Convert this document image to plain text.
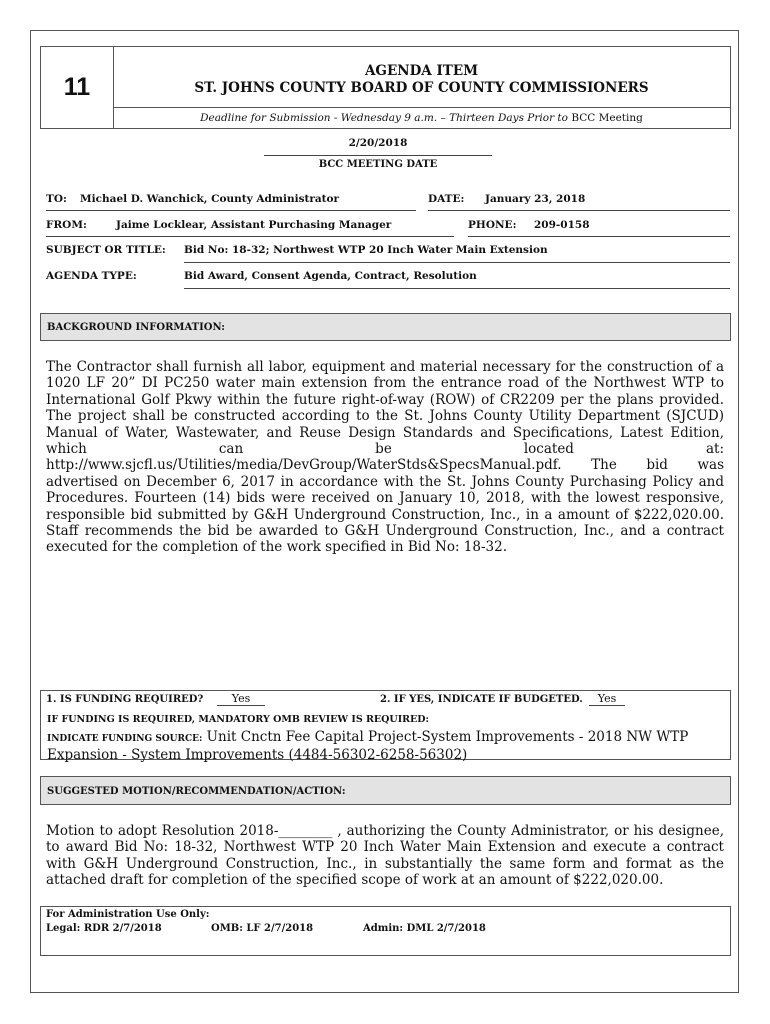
11
AGENDA ITEM
ST. JOHNS COUNTY BOARD OF COUNTY COMMISSIONERS
Deadline for Submission - Wednesday 9 a.m. – Thirteen Days Prior to BCC Meeting
2/20/2018
BCC MEETING DATE
TO: Michael D. Wanchick, County Administrator	DATE: January 23, 2018
FROM:	Jaime Locklear, Assistant Purchasing Manager	PHONE: 209-0158
SUBJECT OR TITLE: Bid No: 18-32; Northwest WTP 20 Inch Water Main Extension
AGENDA TYPE:	Bid Award, Consent Agenda, Contract, Resolution
BACKGROUND INFORMATION:
The Contractor shall furnish all labor, equipment and material necessary for the construction of a 1020 LF 20” DI PC250 water main extension from the entrance road of the Northwest WTP to International Golf Pkwy within the future right-of-way (ROW) of CR2209 per the plans provided. The project shall be constructed according to the St. Johns County Utility Department (SJCUD) Manual of Water, Wastewater, and Reuse Design Standards and Specifications, Latest Edition, which can be located at: http://www.sjcfl.us/Utilities/media/DevGroup/WaterStds&SpecsManual.pdf. The bid was advertised on December 6, 2017 in accordance with the St. Johns County Purchasing Policy and Procedures. Fourteen (14) bids were received on January 10, 2018, with the lowest responsive, responsible bid submitted by G&H Underground Construction, Inc., in a amount of $222,020.00. Staff recommends the bid be awarded to G&H Underground Construction, Inc., and a contract executed for the completion of the work specified in Bid No: 18-32.
1. IS FUNDING REQUIRED?	Yes	2. IF YES, INDICATE IF BUDGETED.	Yes
IF FUNDING IS REQUIRED, MANDATORY OMB REVIEW IS REQUIRED:
INDICATE FUNDING SOURCE: Unit Cnctn Fee Capital Project-System Improvements - 2018 NW WTP Expansion - System Improvements (4484-56302-6258-56302)
SUGGESTED MOTION/RECOMMENDATION/ACTION:
Motion to adopt Resolution 2018-________ , authorizing the County Administrator, or his designee, to award Bid No: 18-32, Northwest WTP 20 Inch Water Main Extension and execute a contract with G&H Underground Construction, Inc., in substantially the same form and format as the attached draft for completion of the specified scope of work at an amount of $222,020.00.
For Administration Use Only:
Legal: RDR 2/7/2018	OMB: LF 2/7/2018	Admin: DML 2/7/2018
